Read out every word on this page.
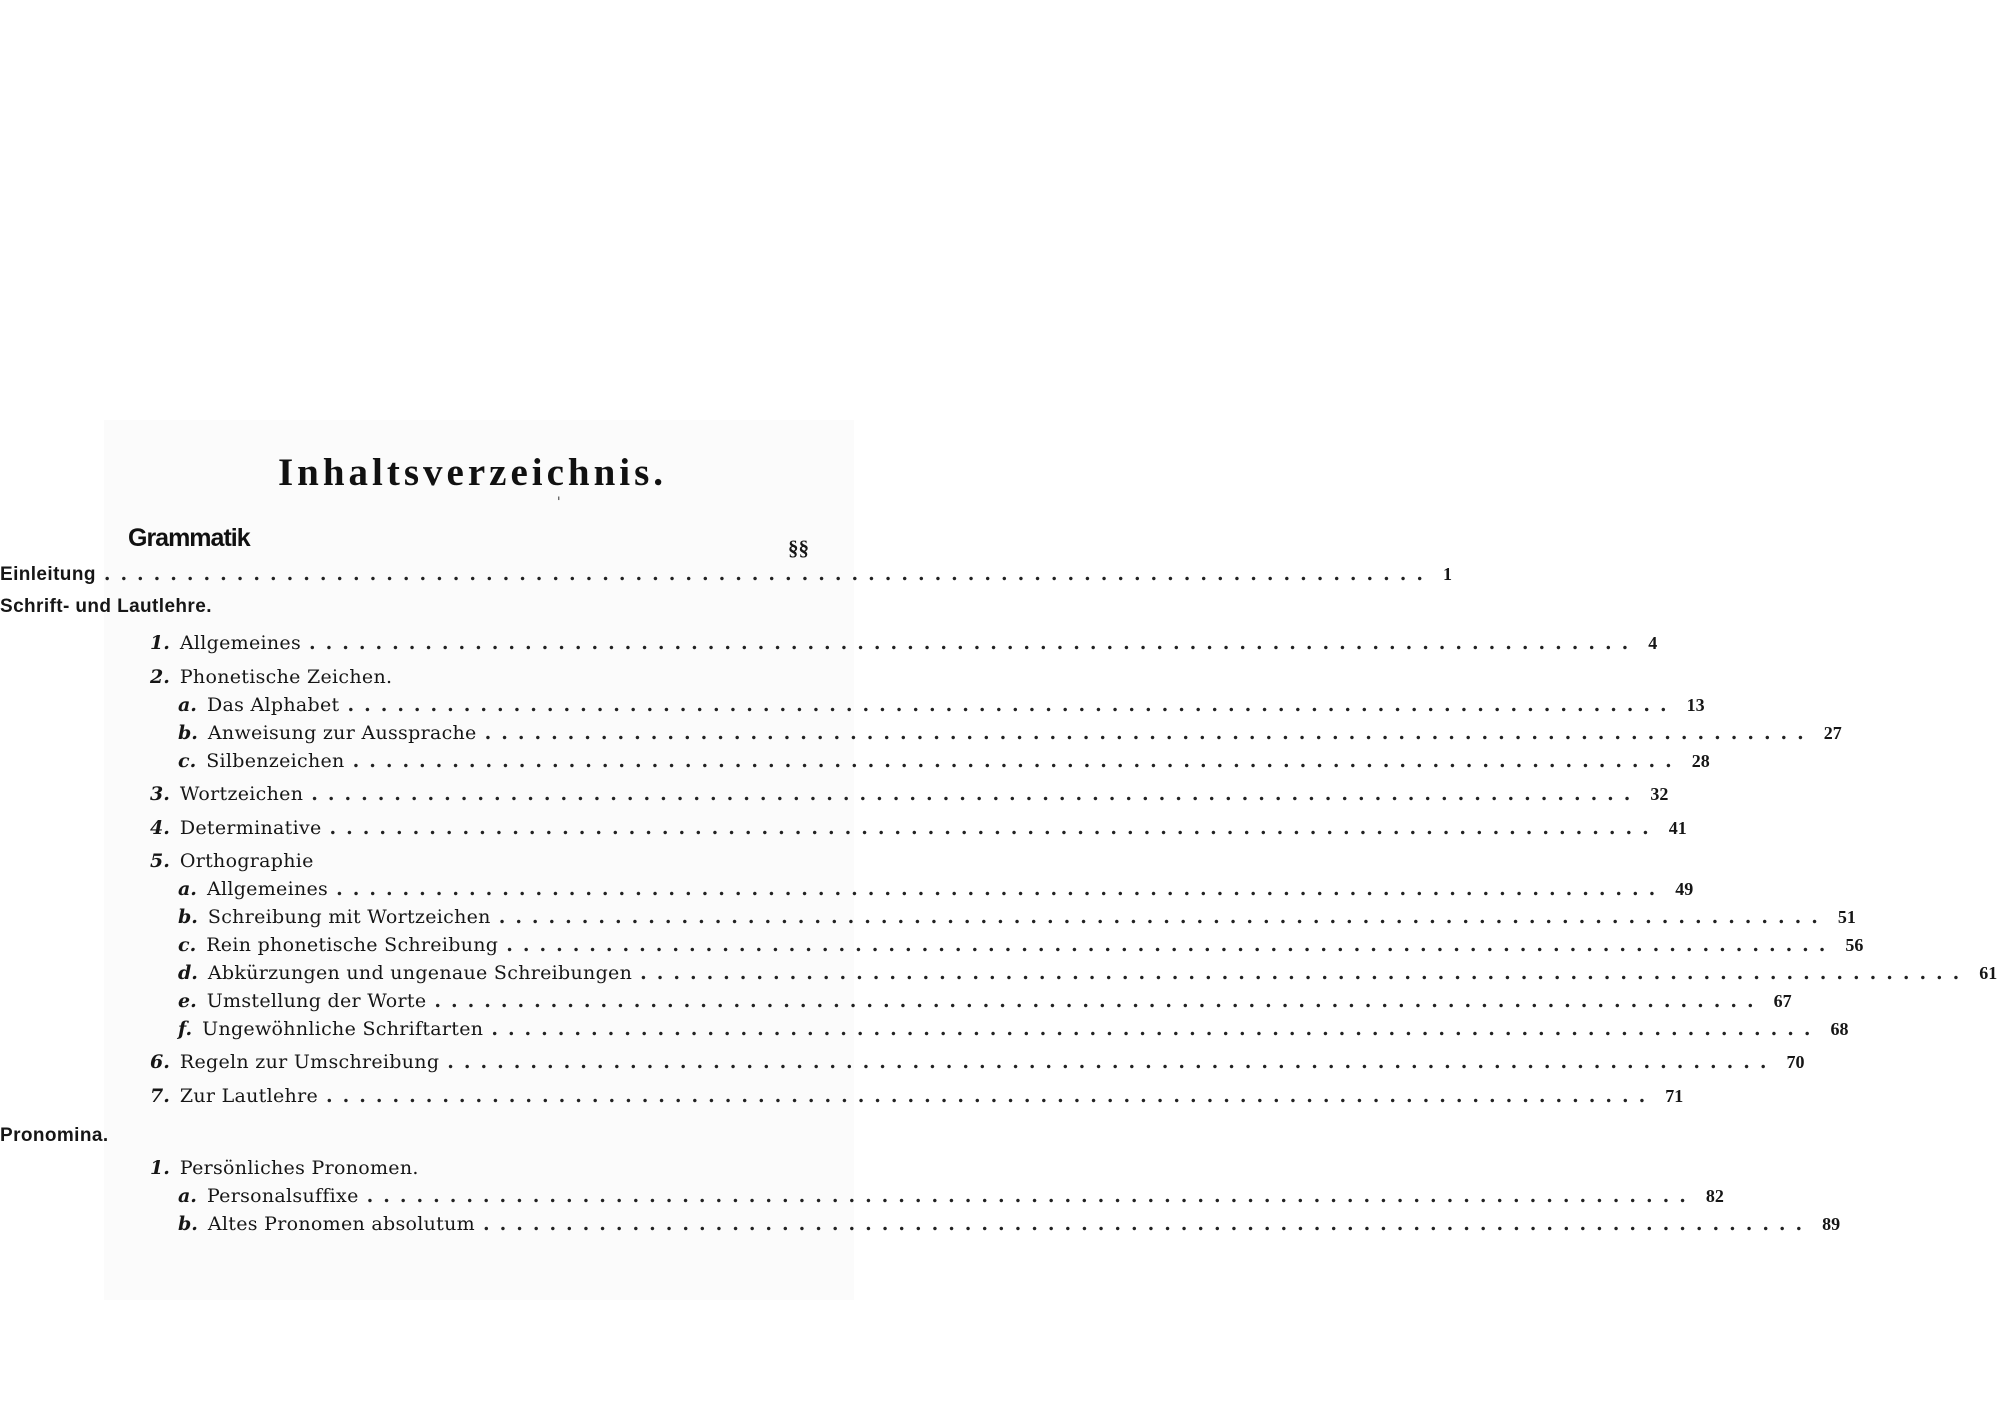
Inhaltsverzeichnis.
'
Grammatik	§§
Einleitung ................................................................................ 1
Schrift- und Lautlehre.
1. Allgemeines ................................................................................ 4
2. Phonetische Zeichen.
a. Das Alphabet ................................................................................ 13
b. Anweisung zur Aussprache ................................................................................ 27
c. Silbenzeichen ................................................................................ 28
3. Wortzeichen ................................................................................ 32
4. Determinative ................................................................................ 41
5. Orthographie
a. Allgemeines ................................................................................ 49
b. Schreibung mit Wortzeichen ................................................................................ 51
c. Rein phonetische Schreibung ................................................................................ 56
d. Abkürzungen und ungenaue Schreibungen ................................................................................ 61
e. Umstellung der Worte ................................................................................ 67
f. Ungewöhnliche Schriftarten ................................................................................ 68
6. Regeln zur Umschreibung ................................................................................ 70
7. Zur Lautlehre ................................................................................ 71
Pronomina.
1. Persönliches Pronomen.
a. Personalsuffixe ................................................................................ 82
b. Altes Pronomen absolutum ................................................................................ 89
